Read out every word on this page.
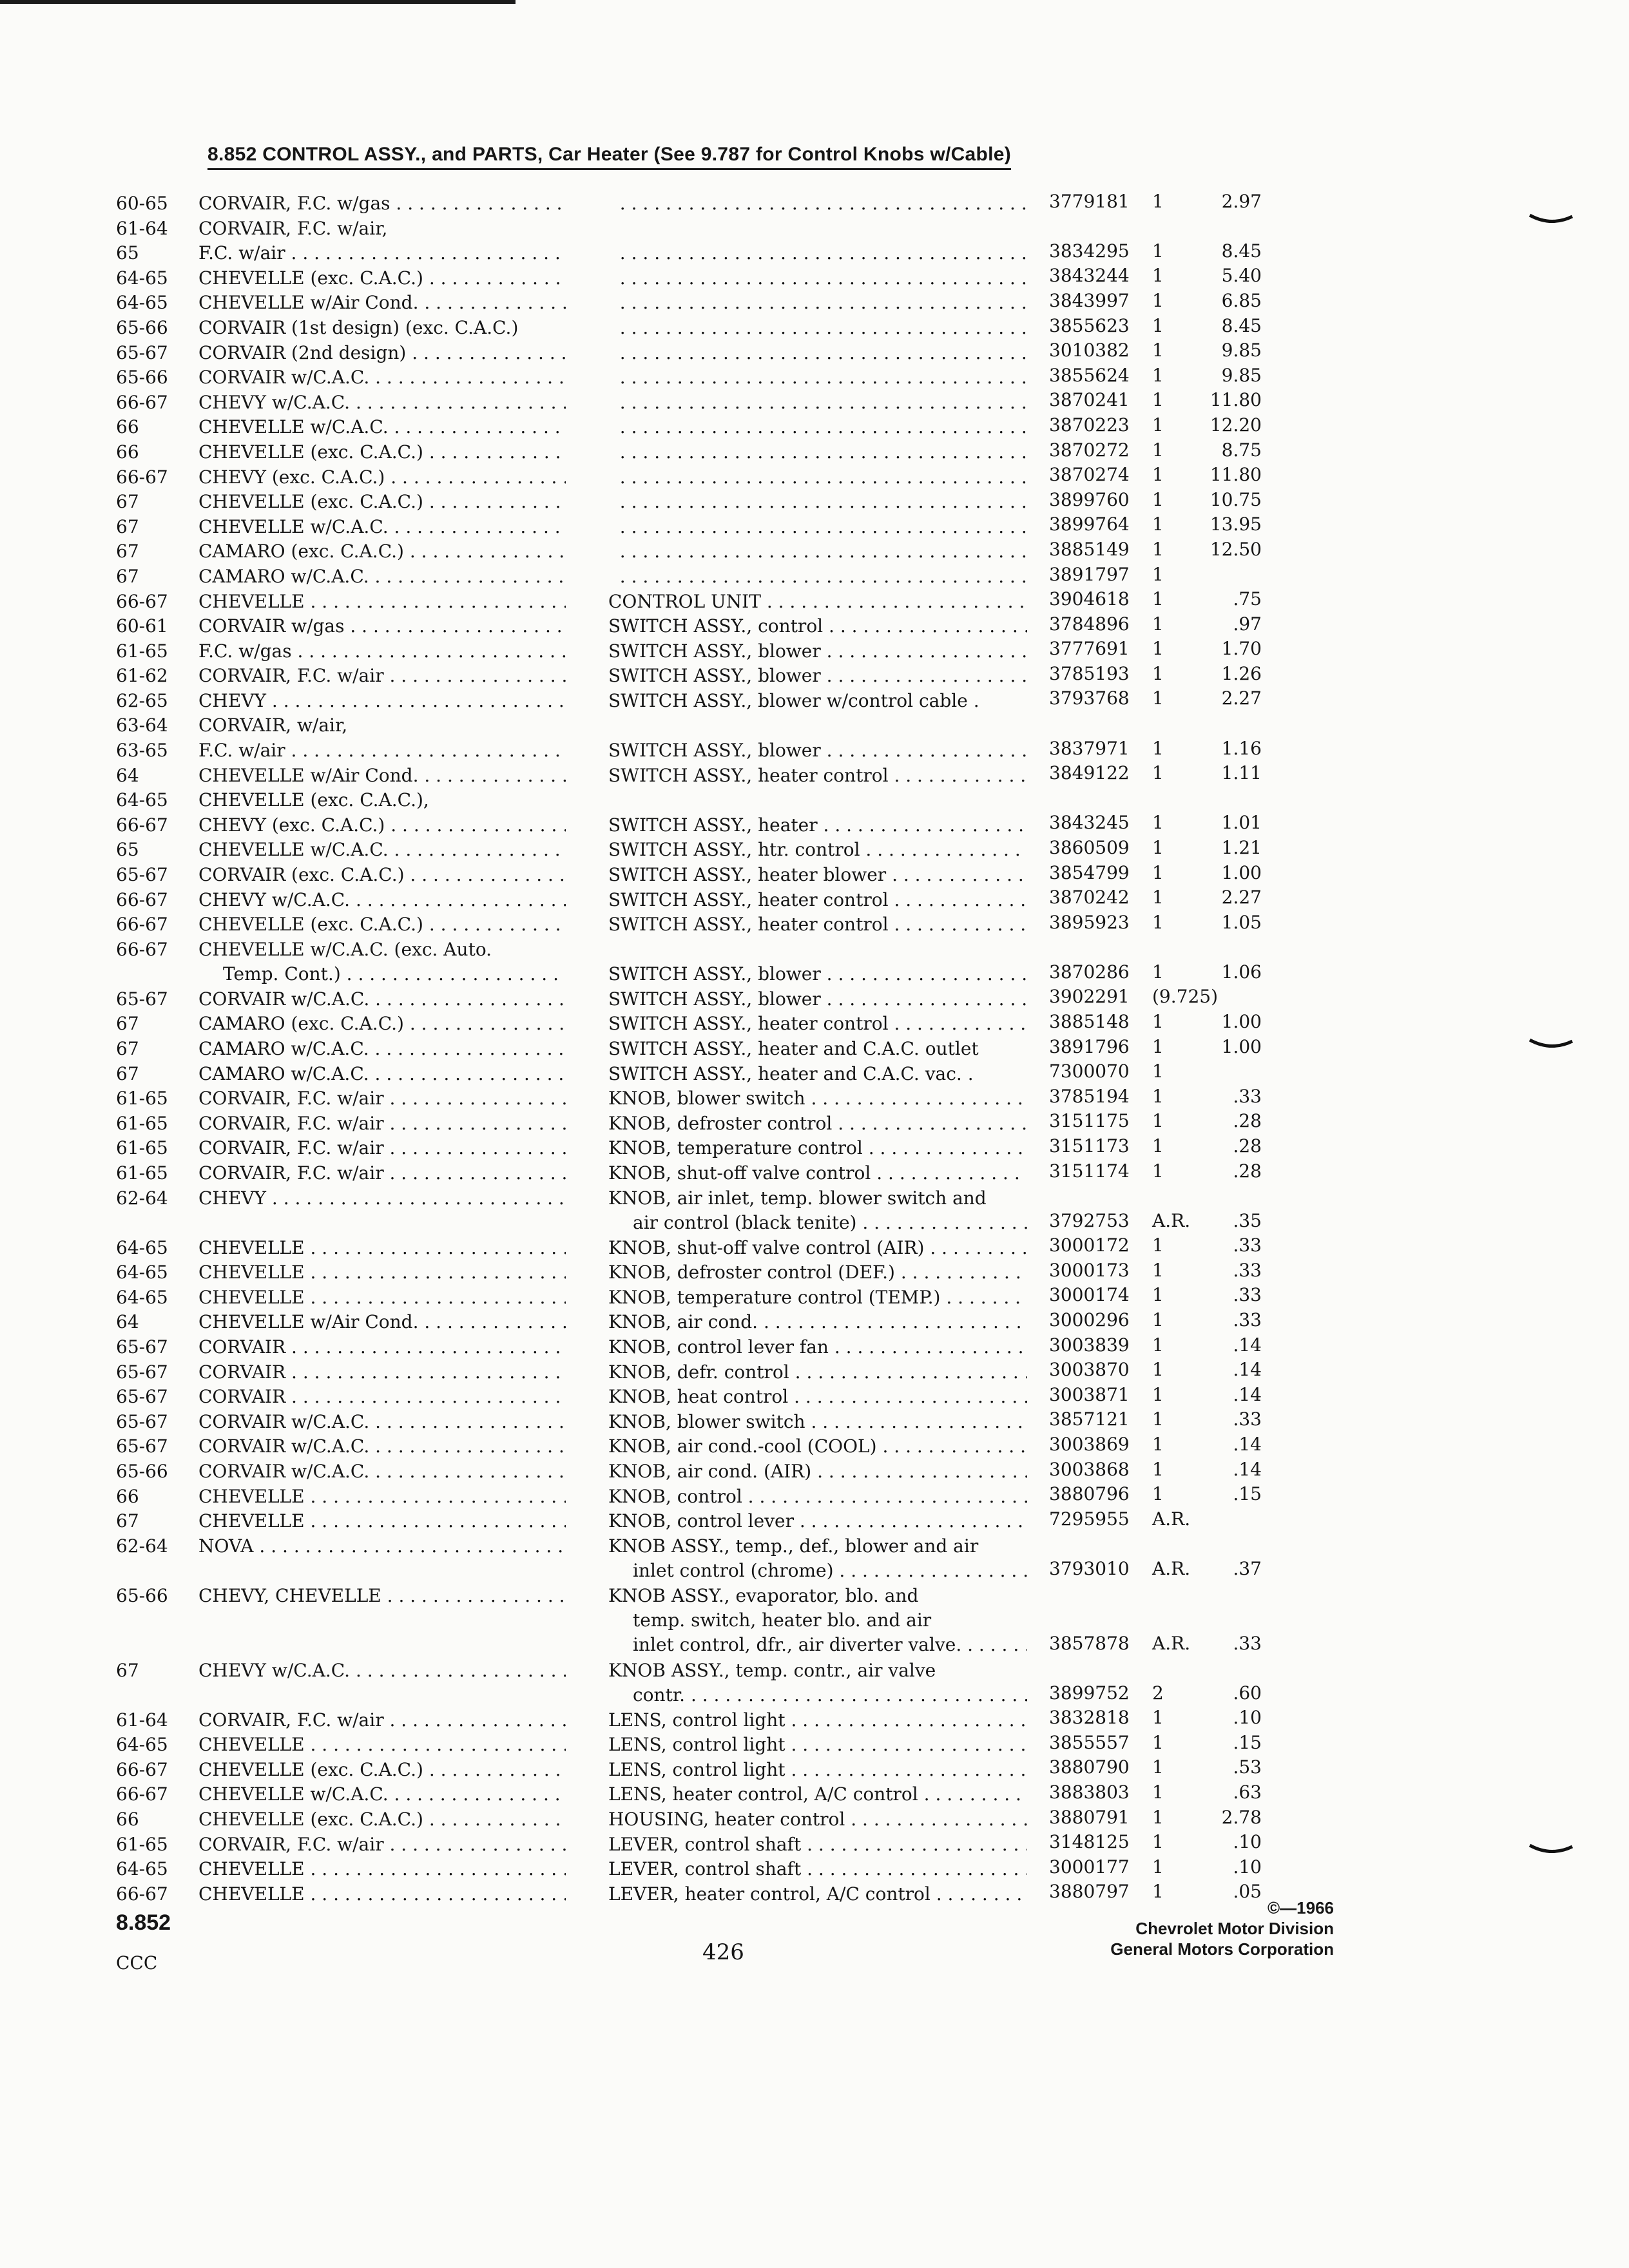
8.852 CONTROL ASSY., and PARTS, Car Heater (See 9.787 for Control Knobs w/Cable)
60-65 CORVAIR, F.C. w/gas . . . . . .	3779181 1	2.97
61-64 CORVAIR, F.C. w/air,
65	F.C. w/air . . . . . .	3834295 1	8.45
64-65 CHEVELLE (exc. C.A.C.) . . . . . .	3843244 1	5.40
64-65 CHEVELLE w/Air Cond. . . . . . .	3843997 1	6.85
65-66 CORVAIR (1st design) (exc. C.A.C.) . . .	3855623 1	8.45
65-67 CORVAIR (2nd design) . . . . . .	3010382 1	9.85
65-66 CORVAIR w/C.A.C. . . . . . .	3855624 1	9.85
66-67 CHEVY w/C.A.C. . . . . . .	3870241 1	11.80
66	CHEVELLE w/C.A.C. . . . . . .	3870223 1	12.20
66	CHEVELLE (exc. C.A.C.) . . . . . .	3870272 1	8.75
66-67 CHEVY (exc. C.A.C.) . . . . . .	3870274 1	11.80
67	CHEVELLE (exc. C.A.C.) . . . . . .	3899760 1	10.75
67	CHEVELLE w/C.A.C. . . . . . .	3899764 1	13.95
67	CAMARO (exc. C.A.C.) . . . . . .	3885149 1	12.50
67	CAMARO w/C.A.C. . . . . . .	3891797 1
66-67 CHEVELLE . . .	CONTROL UNIT . . .	3904618 1	.75
60-61 CORVAIR w/gas . . .	SWITCH ASSY., control . . .	3784896 1	.97
61-65 F.C. w/gas . . .	SWITCH ASSY., blower . . .	3777691 1	1.70
61-62 CORVAIR, F.C. w/air . . .	SWITCH ASSY., blower . . .	3785193 1	1.26
62-65 CHEVY . . .	SWITCH ASSY., blower w/control cable .	3793768 1	2.27
63-64 CORVAIR, w/air,
63-65 F.C. w/air . . .	SWITCH ASSY., blower . . .	3837971 1	1.16
64	CHEVELLE w/Air Cond. . . .	SWITCH ASSY., heater control . . .	3849122 1	1.11
64-65 CHEVELLE (exc. C.A.C.),
66-67 CHEVY (exc. C.A.C.) . . .	SWITCH ASSY., heater . . .	3843245 1	1.01
65	CHEVELLE w/C.A.C. . . .	SWITCH ASSY., htr. control . . .	3860509 1	1.21
65-67 CORVAIR (exc. C.A.C.) . . .	SWITCH ASSY., heater blower . . .	3854799 1	1.00
66-67 CHEVY w/C.A.C. . . .	SWITCH ASSY., heater control . . .	3870242 1	2.27
66-67 CHEVELLE (exc. C.A.C.) . . .	SWITCH ASSY., heater control . . .	3895923 1	1.05
66-67 CHEVELLE w/C.A.C. (exc. Auto.
Temp. Cont.) . . .
	SWITCH ASSY., blower . . .	3870286 1	1.06
65-67 CORVAIR w/C.A.C. . . .	SWITCH ASSY., blower . . .	3902291 (9.725)
67	CAMARO (exc. C.A.C.) . . .	SWITCH ASSY., heater control . . .	3885148 1	1.00
67	CAMARO w/C.A.C. . . .	SWITCH ASSY., heater and C.A.C. outlet	3891796 1	1.00
67	CAMARO w/C.A.C. . . .	SWITCH ASSY., heater and C.A.C. vac. .	7300070 1
61-65 CORVAIR, F.C. w/air . . .	KNOB, blower switch . . .	3785194 1	.33
61-65 CORVAIR, F.C. w/air . . .	KNOB, defroster control . . .	3151175 1	.28
61-65 CORVAIR, F.C. w/air . . .	KNOB, temperature control . . .	3151173 1	.28
61-65 CORVAIR, F.C. w/air . . .	KNOB, shut-off valve control . . .	3151174 1	.28
62-64 CHEVY . . .	KNOB, air inlet, temp. blower switch and
air control (black tenite) . . .	3792753 A.R.	.35
64-65 CHEVELLE . . .	KNOB, shut-off valve control (AIR) . . .	3000172 1	.33
64-65 CHEVELLE . . .	KNOB, defroster control (DEF.) . . .	3000173 1	.33
64-65 CHEVELLE . . .	KNOB, temperature control (TEMP.) . . .	3000174 1	.33
64	CHEVELLE w/Air Cond. . . .	KNOB, air cond. . . .	3000296 1	.33
65-67 CORVAIR . . .	KNOB, control lever fan . . .	3003839 1	.14
65-67 CORVAIR . . .	KNOB, defr. control . . .	3003870 1	.14
65-67 CORVAIR . . .	KNOB, heat control . . .	3003871 1	.14
65-67 CORVAIR w/C.A.C. . . .	KNOB, blower switch . . .	3857121 1	.33
65-67 CORVAIR w/C.A.C. . . .	KNOB, air cond.-cool (COOL) . . .	3003869 1	.14
65-66 CORVAIR w/C.A.C. . . .	KNOB, air cond. (AIR) . . .	3003868 1	.14
66	CHEVELLE . . .	KNOB, control . . .	3880796 1	.15
67	CHEVELLE . . .	KNOB, control lever . . .	7295955 A.R.
62-64 NOVA . . .	KNOB ASSY., temp., def., blower and air
inlet control (chrome) . . .	3793010 A.R.	.37
65-66 CHEVY, CHEVELLE . . .	KNOB ASSY., evaporator, blo. and
temp. switch, heater blo. and air
inlet control, dfr., air diverter valve. . . . . .	3857878 A.R.	.33
67	CHEVY w/C.A.C. . . .	KNOB ASSY., temp. contr., air valve
contr. . . .	3899752 2	.60
61-64 CORVAIR, F.C. w/air . . .	LENS, control light . . .	3832818 1	.10
64-65 CHEVELLE . . .	LENS, control light . . .	3855557 1	.15
66-67 CHEVELLE (exc. C.A.C.) . . .	LENS, control light . . .	3880790 1	.53
66-67 CHEVELLE w/C.A.C. . . .	LENS, heater control, A/C control . . .	3883803 1	.63
66	CHEVELLE (exc. C.A.C.) . . .	HOUSING, heater control . . .	3880791 1	2.78
61-65 CORVAIR, F.C. w/air . . .	LEVER, control shaft . . .	3148125 1	.10
64-65 CHEVELLE . . .	LEVER, control shaft . . .	3000177 1	.10
66-67 CHEVELLE . . .	LEVER, heater control, A/C control . . .	3880797 1	.05
8.852
CCC	426
©—1966
Chevrolet Motor Division
General Motors Corporation
